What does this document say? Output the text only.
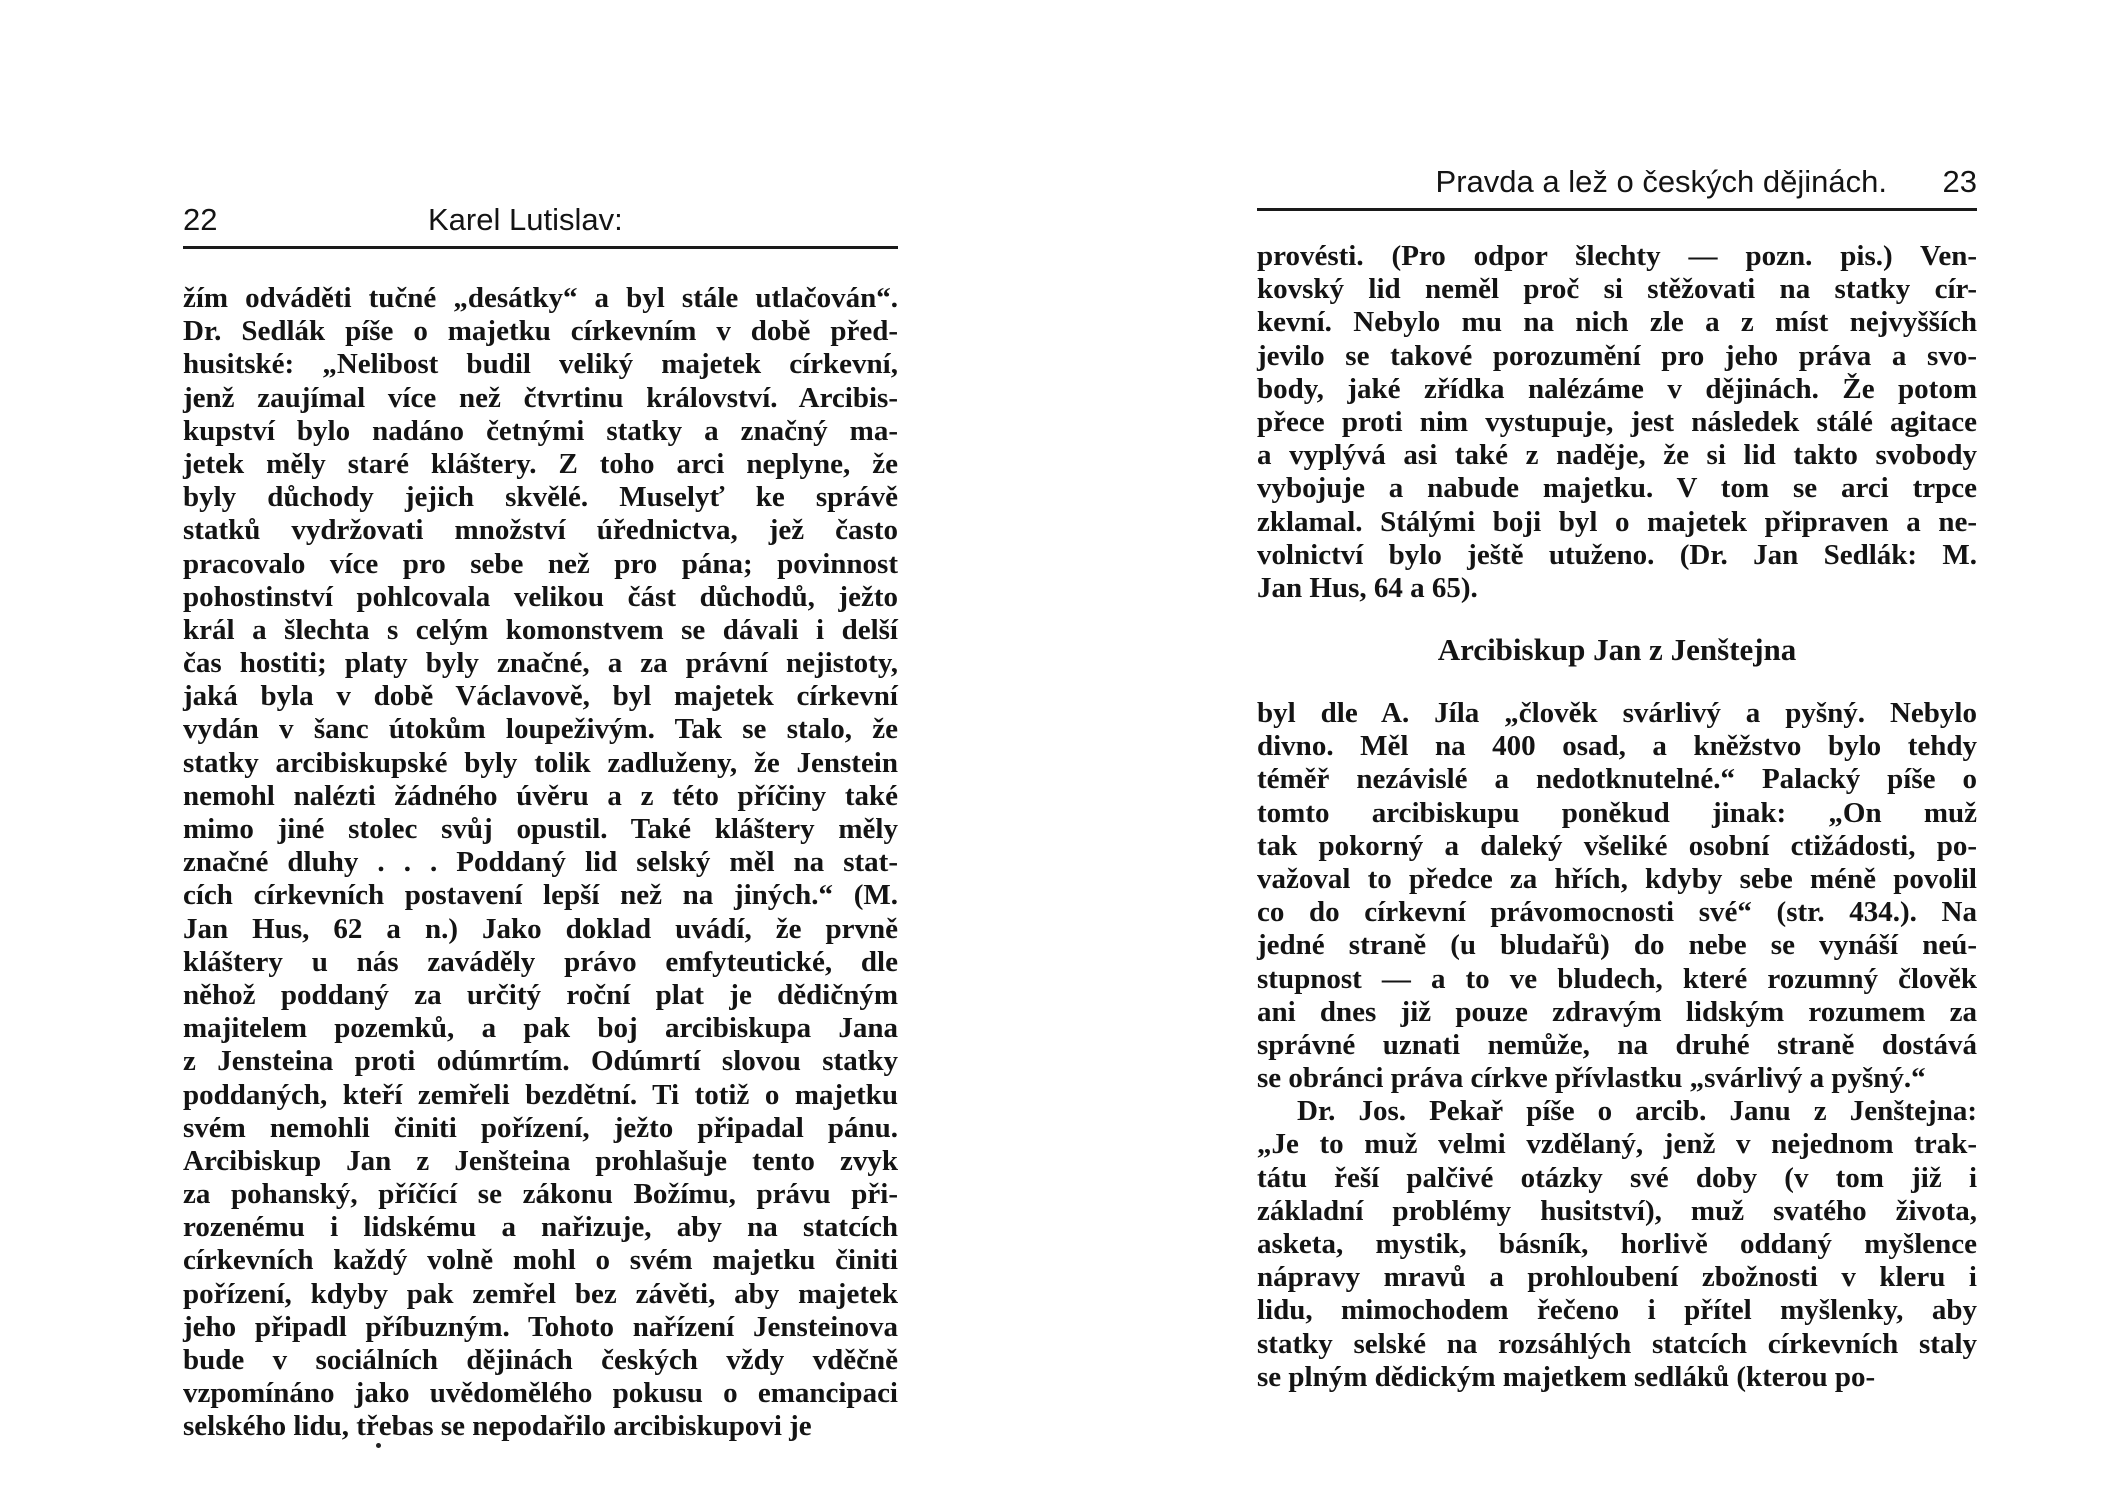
22	Karel Lutislav:
žím odváděti tučné „desátky“ a byl stále utlačován“.
Dr. Sedlák píše o majetku církevním v době před-
husitské: „Nelibost budil veliký majetek církevní,
jenž zaujímal více než čtvrtinu království. Arcibis-
kupství bylo nadáno četnými statky a značný ma-
jetek měly staré kláštery. Z toho arci neplyne, že
byly důchody jejich skvělé. Muselyť ke správě
statků vydržovati množství úřednictva, jež často
pracovalo více pro sebe než pro pána; povinnost
pohostinství pohlcovala velikou část důchodů, ježto
král a šlechta s celým komonstvem se dávali i delší
čas hostiti; platy byly značné, a za právní nejistoty,
jaká byla v době Václavově, byl majetek církevní
vydán v šanc útokům loupeživým. Tak se stalo, že
statky arcibiskupské byly tolik zadluženy, že Jenstein
nemohl nalézti žádného úvěru a z této příčiny také
mimo jiné stolec svůj opustil. Také kláštery měly
značné dluhy . . . Poddaný lid selský měl na stat-
cích církevních postavení lepší než na jiných.“ (M.
Jan Hus, 62 a n.) Jako doklad uvádí, že prvně
kláštery u nás zaváděly právo emfyteutické, dle
něhož poddaný za určitý roční plat je dědičným
majitelem pozemků, a pak boj arcibiskupa Jana
z Jensteina proti odúmrtím. Odúmrtí slovou statky
poddaných, kteří zemřeli bezdětní. Ti totiž o majetku
svém nemohli činiti pořízení, ježto připadal pánu.
Arcibiskup Jan z Jenšteina prohlašuje tento zvyk
za pohanský, příčící se zákonu Božímu, právu při-
rozenému i lidskému a nařizuje, aby na statcích
církevních každý volně mohl o svém majetku činiti
pořízení, kdyby pak zemřel bez závěti, aby majetek
jeho připadl příbuzným. Tohoto nařízení Jensteinova
bude v sociálních dějinách českých vždy vděčně
vzpomínáno jako uvědomělého pokusu o emancipaci
selského lidu, třebas se nepodařilo arcibiskupovi je
Pravda a lež o českých dějinách. 23
provésti. (Pro odpor šlechty — pozn. pis.) Ven-
kovský lid neměl proč si stěžovati na statky cír-
kevní. Nebylo mu na nich zle a z míst nejvyšších
jevilo se takové porozumění pro jeho práva a svo-
body, jaké zřídka nalézáme v dějinách. Že potom
přece proti nim vystupuje, jest následek stálé agitace
a vyplývá asi také z naděje, že si lid takto svobody
vybojuje a nabude majetku. V tom se arci trpce
zklamal. Stálými boji byl o majetek připraven a ne-
volnictví bylo ještě utuženo. (Dr. Jan Sedlák: M.
Jan Hus, 64 a 65).
Arcibiskup Jan z Jenštejna
byl dle A. Jíla „člověk svárlivý a pyšný. Nebylo
divno. Měl na 400 osad, a kněžstvo bylo tehdy
téměř nezávislé a nedotknutelné.“ Palacký píše o
tomto arcibiskupu poněkud jinak: „On muž
tak pokorný a daleký všeliké osobní ctižádosti, po-
važoval to předce za hřích, kdyby sebe méně povolil
co do církevní právomocnosti své“ (str. 434.). Na
jedné straně (u bludařů) do nebe se vynáší neú-
stupnost — a to ve bludech, které rozumný člověk
ani dnes již pouze zdravým lidským rozumem za
správné uznati nemůže, na druhé straně dostává
se obránci práva církve přívlastku „svárlivý a pyšný.“
Dr. Jos. Pekař píše o arcib. Janu z Jenštejna:
„Je to muž velmi vzdělaný, jenž v nejednom trak-
tátu řeší palčivé otázky své doby (v tom již i
základní problémy husitství), muž svatého života,
asketa, mystik, básník, horlivě oddaný myšlence
nápravy mravů a prohloubení zbožnosti v kleru i
lidu, mimochodem řečeno i přítel myšlenky, aby
statky selské na rozsáhlých statcích církevních staly
se plným dědickým majetkem sedláků (kterou po-
